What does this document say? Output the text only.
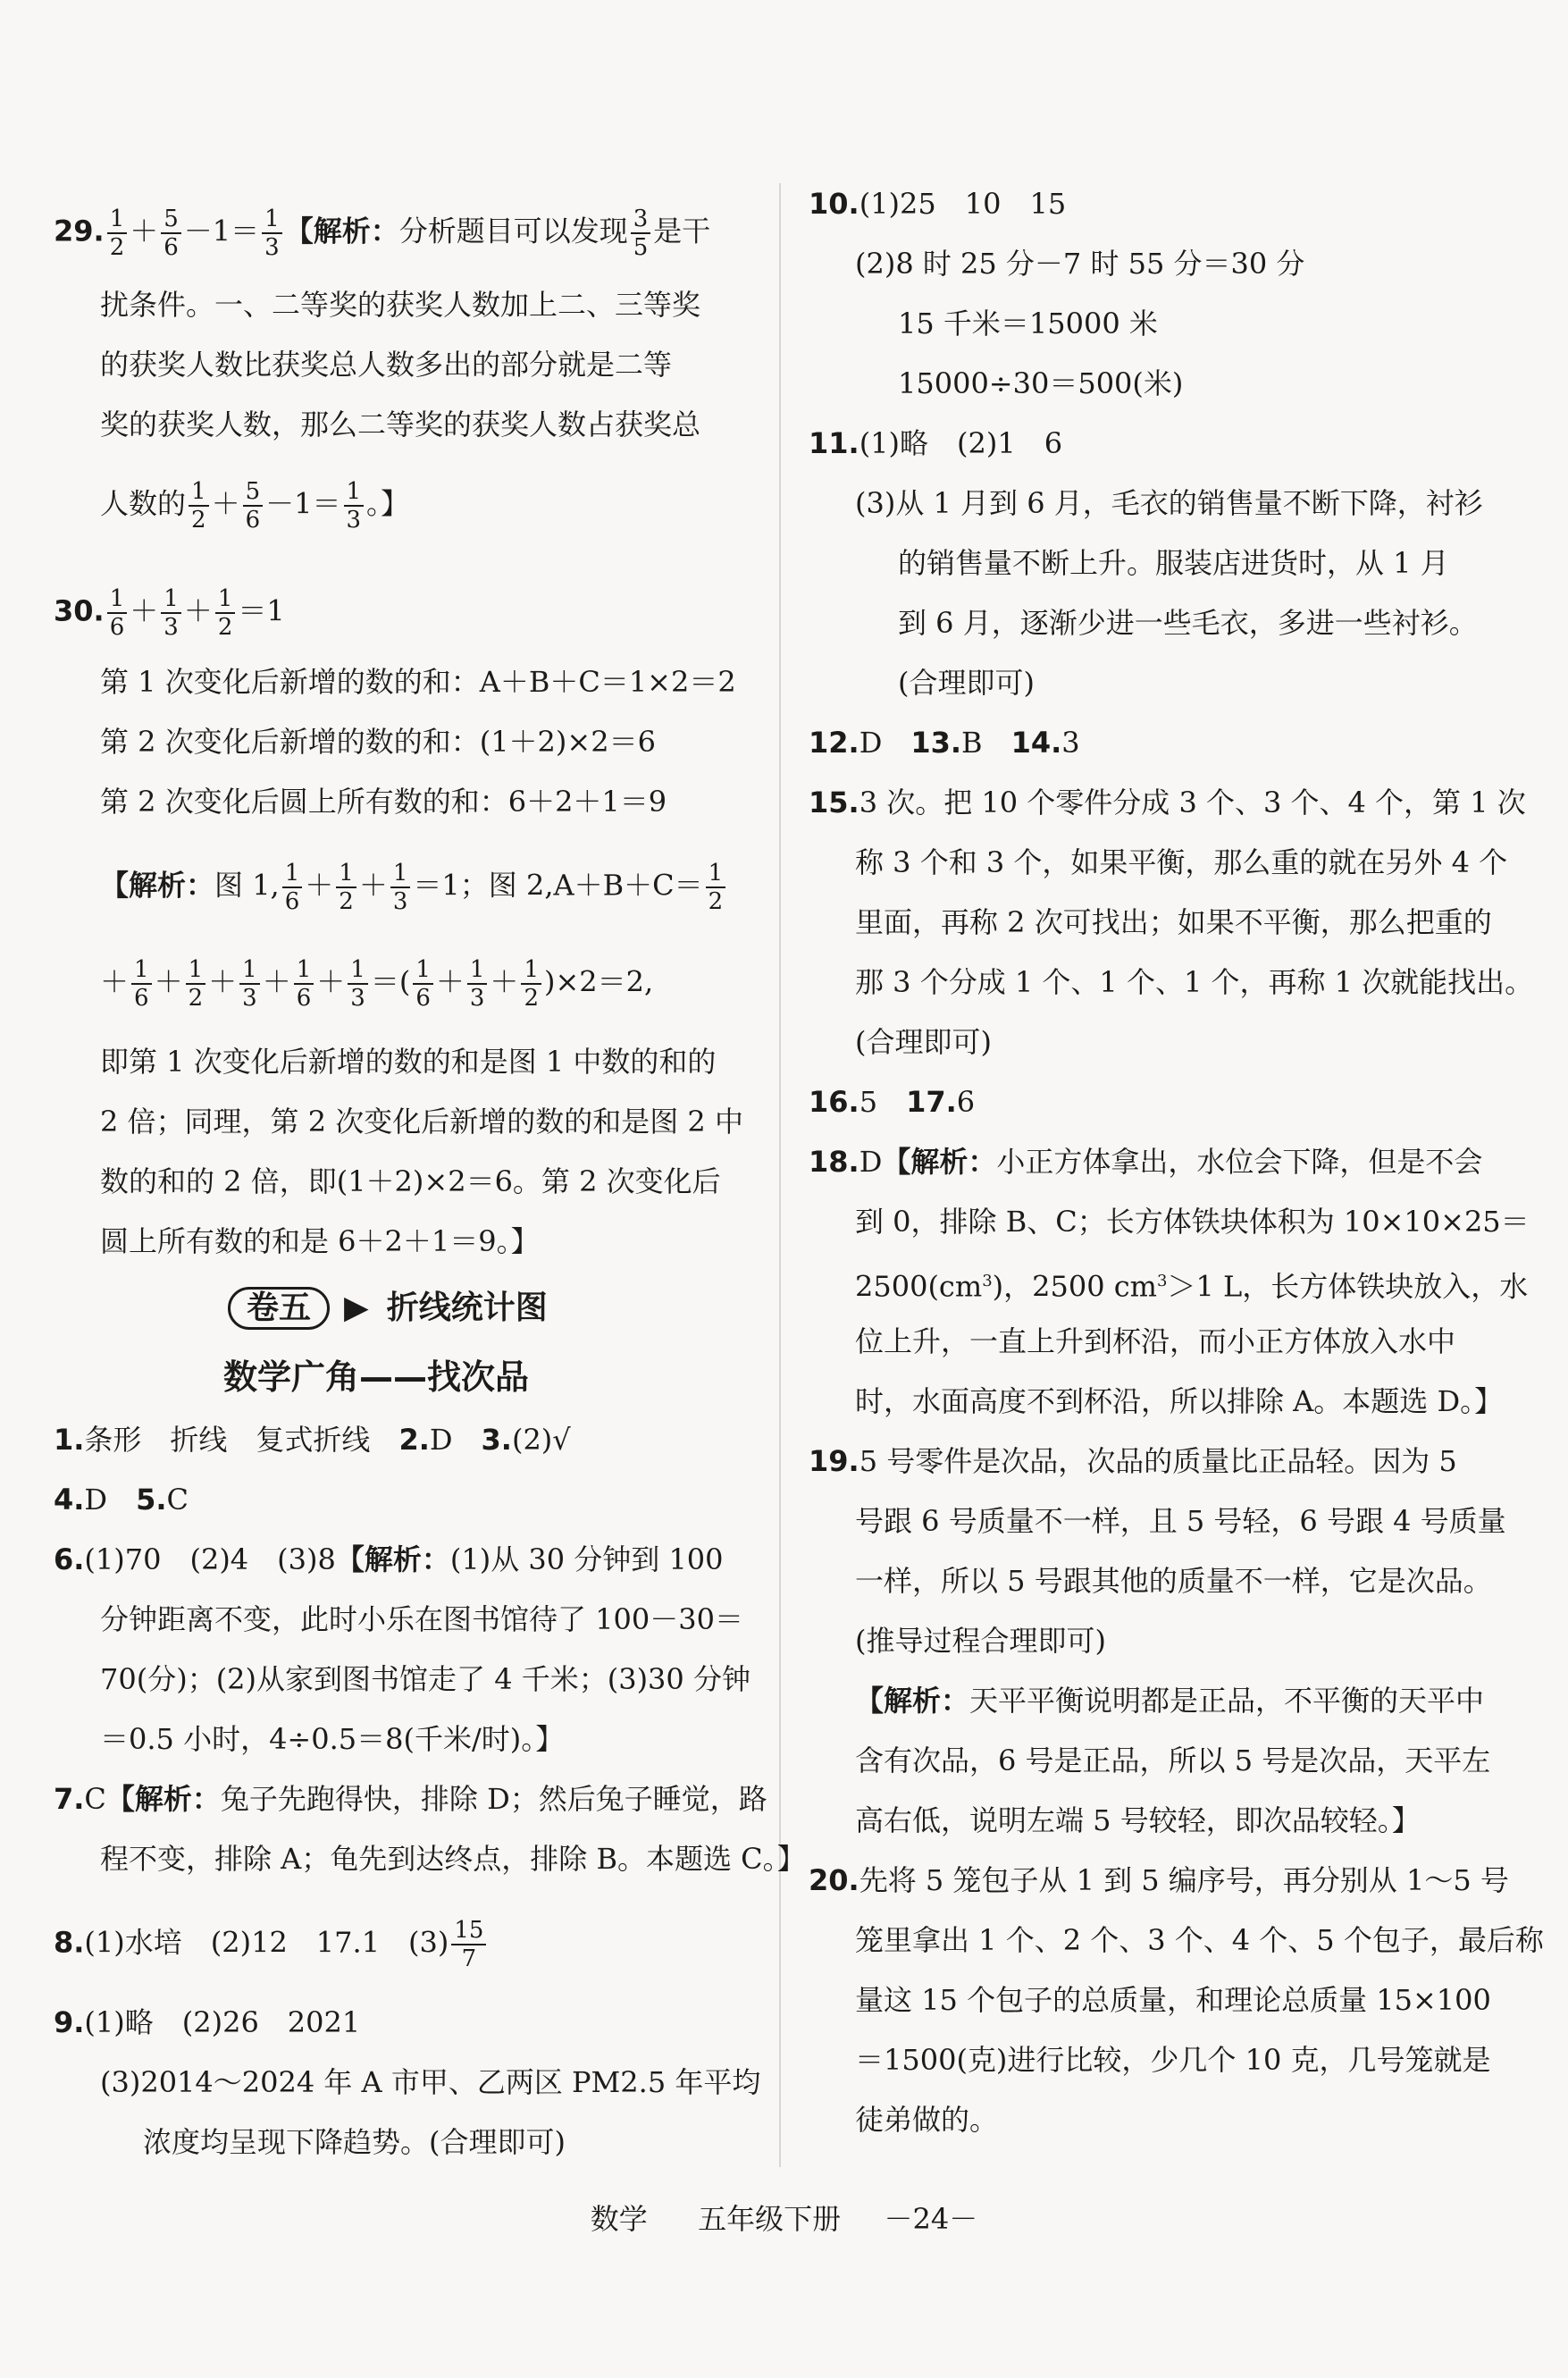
29. $\frac{1}{2} + \frac{5}{6} -1= \frac{1}{3}$ 【解析：分析题目可以发现 $\frac{3}{5}$ 是干
扰条件。一、二等奖的获奖人数加上二、三等奖
的获奖人数比获奖总人数多出的部分就是二等
奖的获奖人数，那么二等奖的获奖人数占获奖总
人数的 $\frac{1}{2} + \frac{5}{6} -1= \frac{1}{3}$ 。】
30. $\frac{1}{6} + \frac{1}{3} + \frac{1}{2} =1$
第 1 次变化后新增的数的和：A＋B＋C＝1×2＝2
第 2 次变化后新增的数的和：(1＋2)×2＝6
第 2 次变化后圆上所有数的和：6＋2＋1＝9
【解析：图 1, $\frac{1}{6} + \frac{1}{2} + \frac{1}{3} =1$；图 $2,A+B+C= \frac{1}{2}$
＋ $\frac{1}{6} + \frac{1}{2} + \frac{1}{3} + \frac{1}{6} + \frac{1}{3}$ ＝( $\frac{1}{6} + \frac{1}{3} + \frac{1}{2} )\times 2=2$,
即第 1 次变化后新增的数的和是图 1 中数的和的
2 倍；同理，第 2 次变化后新增的数的和是图 2 中
数的和的 2 倍，即(1＋2)×2＝6。第 2 次变化后
圆上所有数的和是 6＋2＋1＝9。】
卷五 ▶ 折线统计图
数学广角——找次品
1.条形　折线　复式折线　2.D　3.(2)√
4.D　5.C
6.(1)70　(2)4　(3)8【解析：(1)从 30 分钟到 100
分钟距离不变，此时小乐在图书馆待了 100－30＝
70(分)；(2)从家到图书馆走了 4 千米；(3)30 分钟
＝0.5 小时，4÷0.5＝8(千米/时)。】
7.C【解析：兔子先跑得快，排除 D；然后兔子睡觉，路
程不变，排除 A；龟先到达终点，排除 B。本题选 C。】
8.(1)水培　(2)12　17.1　$(3) \frac{15}{7}$
9.(1)略　(2)26　2021
(3)2014～2024 年 A 市甲、乙两区 PM2.5 年平均
浓度均呈现下降趋势。(合理即可)
10.(1)25　10　15
(2)8 时 25 分－7 时 55 分＝30 分
15 千米＝15000 米
15000÷30＝500(米)
11.(1)略　(2)1　6
(3)从 1 月到 6 月，毛衣的销售量不断下降，衬衫
的销售量不断上升。服装店进货时，从 1 月
到 6 月，逐渐少进一些毛衣，多进一些衬衫。
(合理即可)
12.D　13.B　14.3
15.3 次。把 10 个零件分成 3 个、3 个、4 个，第 1 次
称 3 个和 3 个，如果平衡，那么重的就在另外 4 个
里面，再称 2 次可找出；如果不平衡，那么把重的
那 3 个分成 1 个、1 个、1 个，再称 1 次就能找出。
(合理即可)
16.5　17.6
18.D【解析：小正方体拿出，水位会下降，但是不会
到 0，排除 B、C；长方体铁块体积为 10×10×25＝
$2500(cm^3)$，2500 $cm^3>1$ L，长方体铁块放入，水
位上升，一直上升到杯沿，而小正方体放入水中
时，水面高度不到杯沿，所以排除 A。本题选 D。】
19.5 号零件是次品，次品的质量比正品轻。因为 5
号跟 6 号质量不一样，且 5 号轻，6 号跟 4 号质量
一样，所以 5 号跟其他的质量不一样，它是次品。
(推导过程合理即可)
【解析：天平平衡说明都是正品，不平衡的天平中
含有次品，6 号是正品，所以 5 号是次品，天平左
高右低，说明左端 5 号较轻，即次品较轻。】
20.先将 5 笼包子从 1 到 5 编序号，再分别从 1～5 号
笼里拿出 1 个、2 个、3 个、4 个、5 个包子，最后称
量这 15 个包子的总质量，和理论总质量 15×100
＝1500(克)进行比较，少几个 10 克，几号笼就是
徒弟做的。
数学 五年级下册 －24－
